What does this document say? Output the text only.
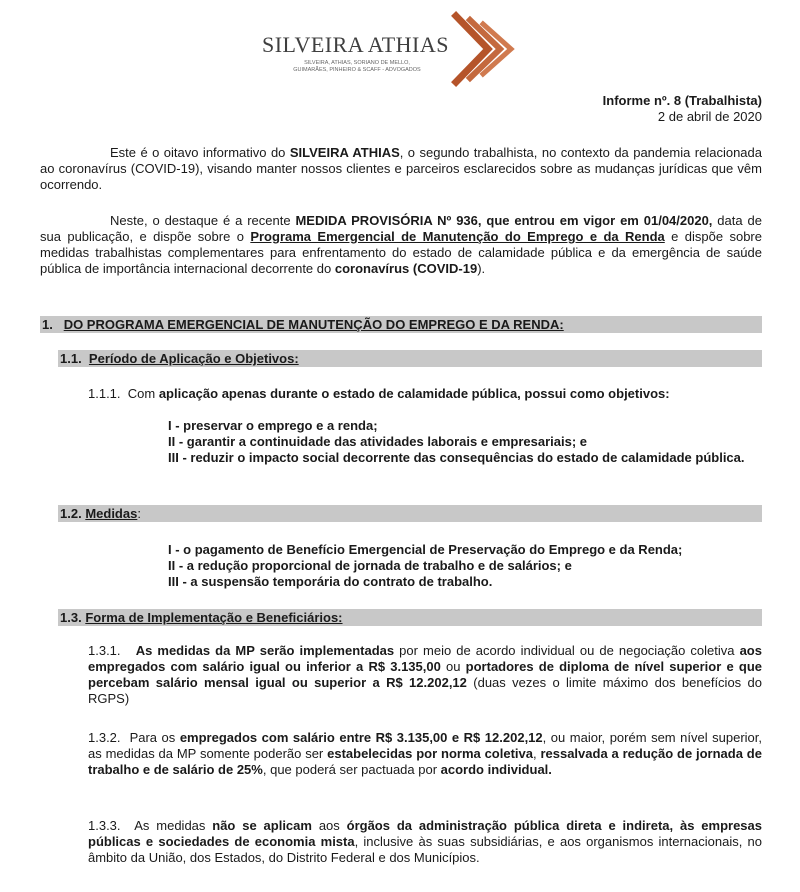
SILVEIRA ATHIAS
SILVEIRA, ATHIAS, SORIANO DE MELLO,
GUIMARÃES, PINHEIRO & SCAFF - ADVOGADOS
Informe nº. 8 (Trabalhista)
2 de abril de 2020
Este é o oitavo informativo do SILVEIRA ATHIAS, o segundo trabalhista, no contexto da pandemia relacionada ao coronavírus (COVID-19), visando manter nossos clientes e parceiros esclarecidos sobre as mudanças jurídicas que vêm ocorrendo.
Neste, o destaque é a recente MEDIDA PROVISÓRIA Nº 936, que entrou em vigor em 01/04/2020, data de sua publicação, e dispõe sobre o Programa Emergencial de Manutenção do Emprego e da Renda e dispõe sobre medidas trabalhistas complementares para enfrentamento do estado de calamidade pública e da emergência de saúde pública de importância internacional decorrente do coronavírus (COVID-19).
1. DO PROGRAMA EMERGENCIAL DE MANUTENÇÃO DO EMPREGO E DA RENDA:
1.1. Período de Aplicação e Objetivos:
1.1.1. Com aplicação apenas durante o estado de calamidade pública, possui como objetivos:
I - preservar o emprego e a renda;
II - garantir a continuidade das atividades laborais e empresariais; e
III - reduzir o impacto social decorrente das consequências do estado de calamidade pública.
1.2. Medidas:
I - o pagamento de Benefício Emergencial de Preservação do Emprego e da Renda;
II - a redução proporcional de jornada de trabalho e de salários; e
III - a suspensão temporária do contrato de trabalho.
1.3. Forma de Implementação e Beneficiários:
1.3.1. As medidas da MP serão implementadas por meio de acordo individual ou de negociação coletiva aos empregados com salário igual ou inferior a R$ 3.135,00 ou portadores de diploma de nível superior e que percebam salário mensal igual ou superior a R$ 12.202,12 (duas vezes o limite máximo dos benefícios do RGPS)
1.3.2. Para os empregados com salário entre R$ 3.135,00 e R$ 12.202,12, ou maior, porém sem nível superior, as medidas da MP somente poderão ser estabelecidas por norma coletiva, ressalvada a redução de jornada de trabalho e de salário de 25%, que poderá ser pactuada por acordo individual.
1.3.3. As medidas não se aplicam aos órgãos da administração pública direta e indireta, às empresas públicas e sociedades de economia mista, inclusive às suas subsidiárias, e aos organismos internacionais, no âmbito da União, dos Estados, do Distrito Federal e dos Municípios.
